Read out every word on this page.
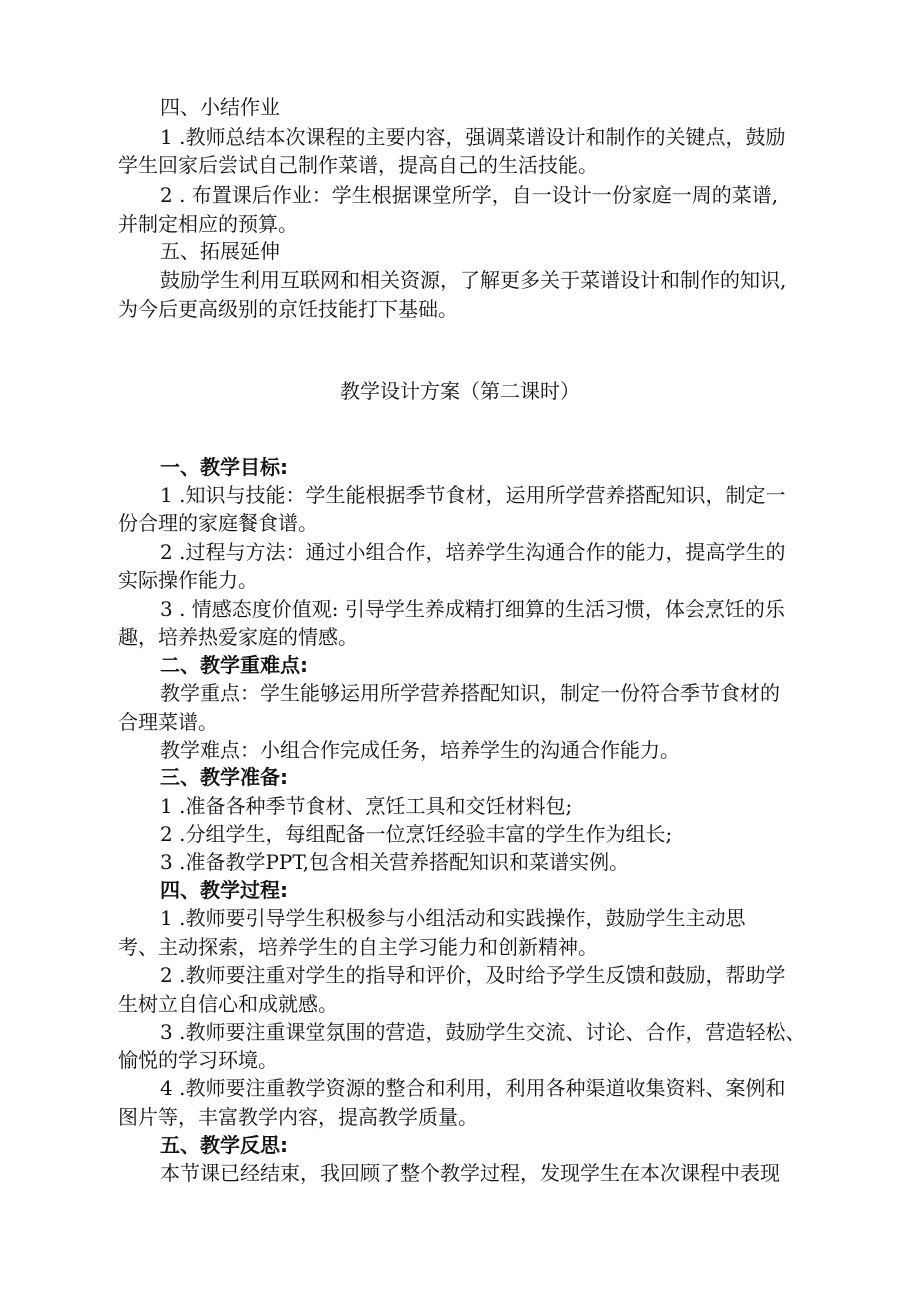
四、小结作业
1 .教师总结本次课程的主要内容，强调菜谱设计和制作的关键点，鼓励
学生回家后尝试自己制作菜谱，提高自己的生活技能。
2 . 布置课后作业：学生根据课堂所学，自一设计一份家庭一周的菜谱,
并制定相应的预算。
五、拓展延伸
鼓励学生利用互联网和相关资源，了解更多关于菜谱设计和制作的知识,
为今后更高级别的京饪技能打下基础。
教学设计方案（第二课时）
一、教学目标:
1 .知识与技能：学生能根据季节食材，运用所学营养搭配知识，制定一
份合理的家庭餐食谱。
2 .过程与方法：通过小组合作，培养学生沟通合作的能力，提高学生的
实际操作能力。
3 . 情感态度价值观: 引导学生养成精打细算的生活习惯，体会烹饪的乐
趣，培养热爱家庭的情感。
二、教学重难点:
教学重点：学生能够运用所学营养搭配知识，制定一份符合季节食材的
合理菜谱。
教学难点：小组合作完成任务，培养学生的沟通合作能力。
三、教学准备:
1 .准备各种季节食材、烹饪工具和交饪材料包;
2 .分组学生，每组配备一位烹饪经验丰富的学生作为组长;
3 .准备教学PPT,包含相关营养搭配知识和菜谱实例。
四、教学过程:
1 .教师要引导学生积极参与小组活动和实践操作，鼓励学生主动思
考、主动探索，培养学生的自主学习能力和创新精神。
2 .教师要注重对学生的指导和评价，及时给予学生反馈和鼓励，帮助学
生树立自信心和成就感。
3 .教师要注重课堂氛围的营造，鼓励学生交流、讨论、合作，营造轻松、
愉悦的学习环境。
4 .教师要注重教学资源的整合和利用，利用各种渠道收集资料、案例和
图片等，丰富教学内容，提高教学质量。
五、教学反思:
本节课已经结束，我回顾了整个教学过程，发现学生在本次课程中表现
